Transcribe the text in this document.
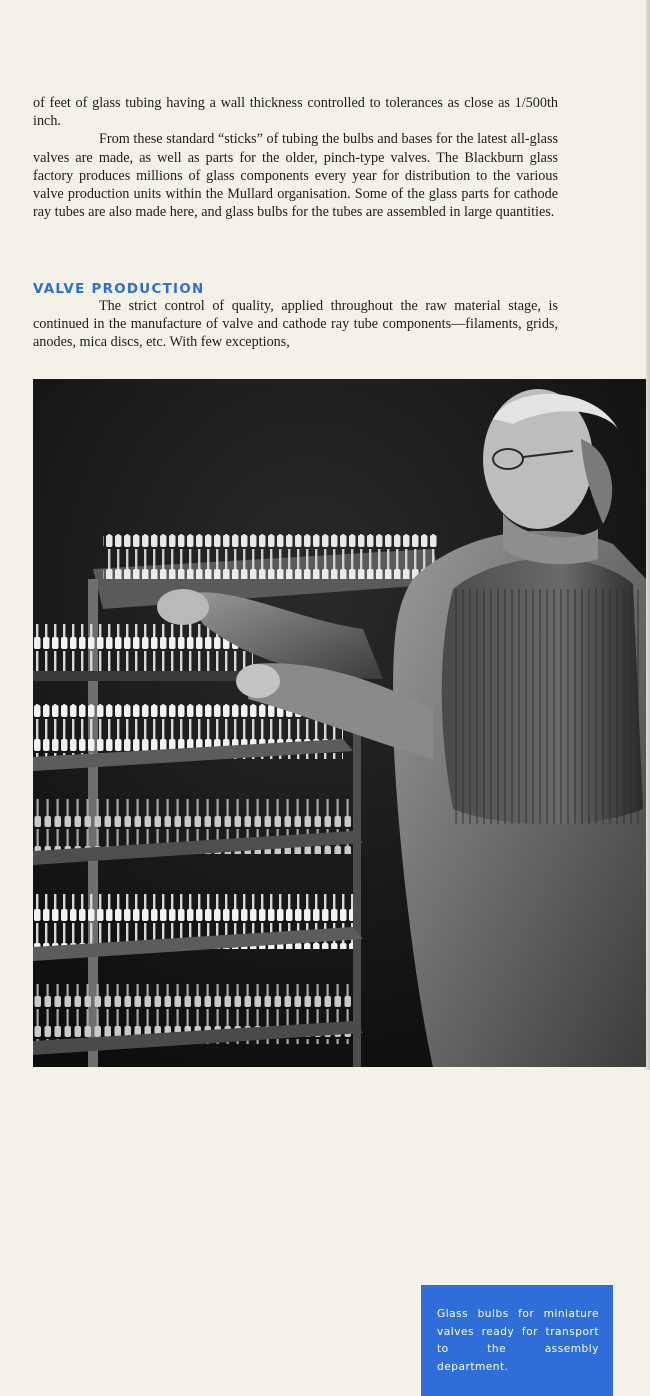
of feet of glass tubing having a wall thickness controlled to tolerances as close as 1/500th inch.

From these standard “sticks” of tubing the bulbs and bases for the latest all-glass valves are made, as well as parts for the older, pinch-type valves. The Blackburn glass factory produces millions of glass components every year for distribution to the various valve production units within the Mullard organisation. Some of the glass parts for cathode ray tubes are also made here, and glass bulbs for the tubes are assembled in large quantities.

VALVE PRODUCTION

The strict control of quality, applied throughout the raw material stage, is continued in the manufacture of valve and cathode ray tube components—filaments, grids, anodes, mica discs, etc. With few exceptions,

Glass bulbs for miniature valves ready for transport to the assembly department.
